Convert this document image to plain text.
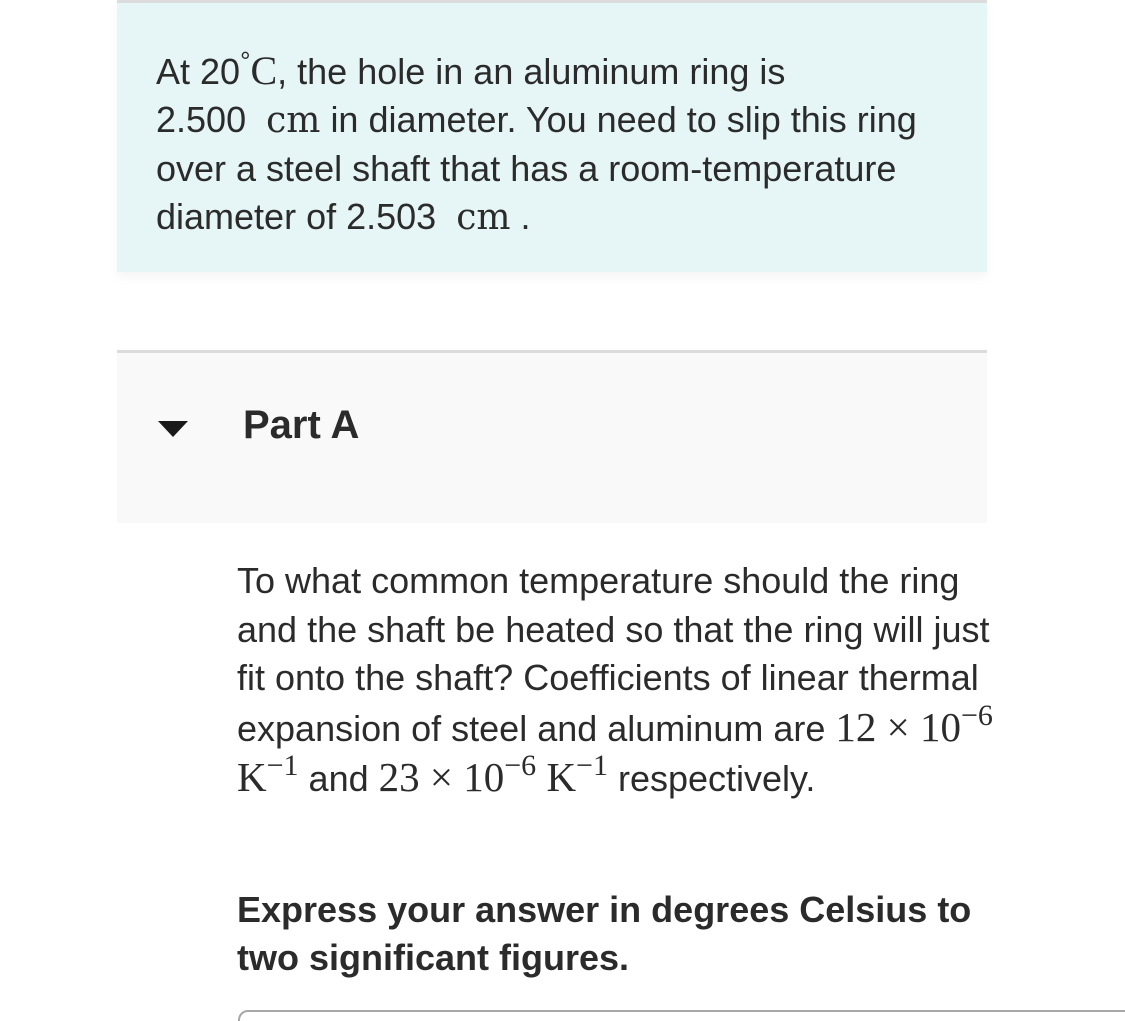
At 20°C, the hole in an aluminum ring is 2.500 cm in diameter. You need to slip this ring over a steel shaft that has a room-temperature diameter of 2.503 cm .
Part A
To what common temperature should the ring and the shaft be heated so that the ring will just fit onto the shaft? Coefficients of linear thermal expansion of steel and aluminum are $12 \times 10^{-6}$ $K^{-1}$ and $23 \times 10^{-6}$ $K^{-1}$ respectively.
Express your answer in degrees Celsius to two significant figures.
